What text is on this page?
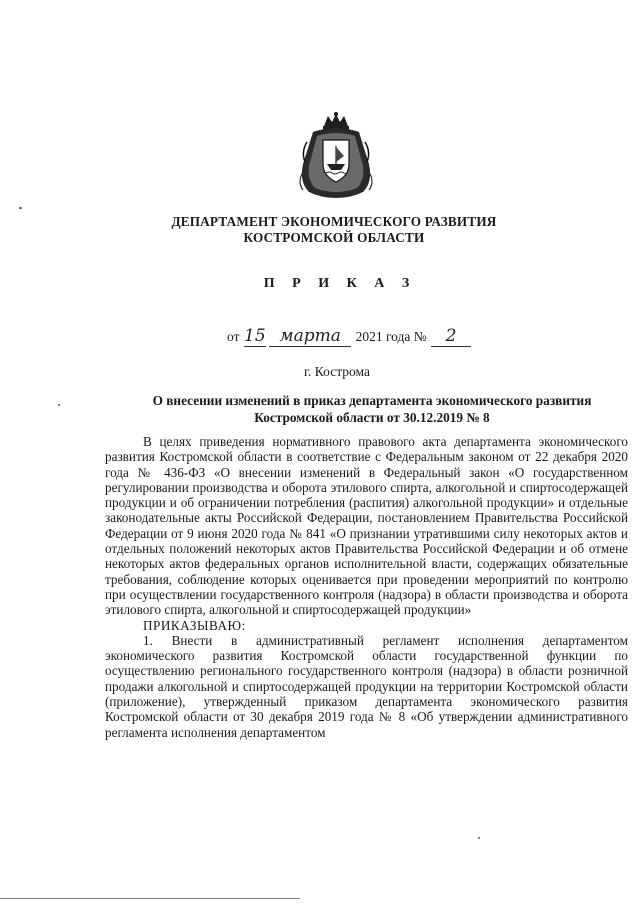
ДЕПАРТАМЕНТ ЭКОНОМИЧЕСКОГО РАЗВИТИЯ
КОСТРОМСКОЙ ОБЛАСТИ
П Р И К А З
от 15 марта 2021 года № 2
г. Кострома
О внесении изменений в приказ департамента экономического развития Костромской области от 30.12.2019 № 8

В целях приведения нормативного правового акта департамента экономического развития Костромской области в соответствие с Федеральным законом от 22 декабря 2020 года № 436-ФЗ «О внесении изменений в Федеральный закон «О государственном регулировании производства и оборота этилового спирта, алкогольной и спиртосодержащей продукции и об ограничении потребления (распития) алкогольной продукции» и отдельные законодательные акты Российской Федерации, постановлением Правительства Российской Федерации от 9 июня 2020 года № 841 «О признании утратившими силу некоторых актов и отдельных положений некоторых актов Правительства Российской Федерации и об отмене некоторых актов федеральных органов исполнительной власти, содержащих обязательные требования, соблюдение которых оценивается при проведении мероприятий по контролю при осуществлении государственного контроля (надзора) в области производства и оборота этилового спирта, алкогольной и спиртосодержащей продукции»

ПРИКАЗЫВАЮ:

1. Внести в административный регламент исполнения департаментом экономического развития Костромской области государственной функции по осуществлению регионального государственного контроля (надзора) в области розничной продажи алкогольной и спиртосодержащей продукции на территории Костромской области (приложение), утвержденный приказом департамента экономического развития Костромской области от 30 декабря 2019 года № 8 «Об утверждении административного регламента исполнения департаментом
